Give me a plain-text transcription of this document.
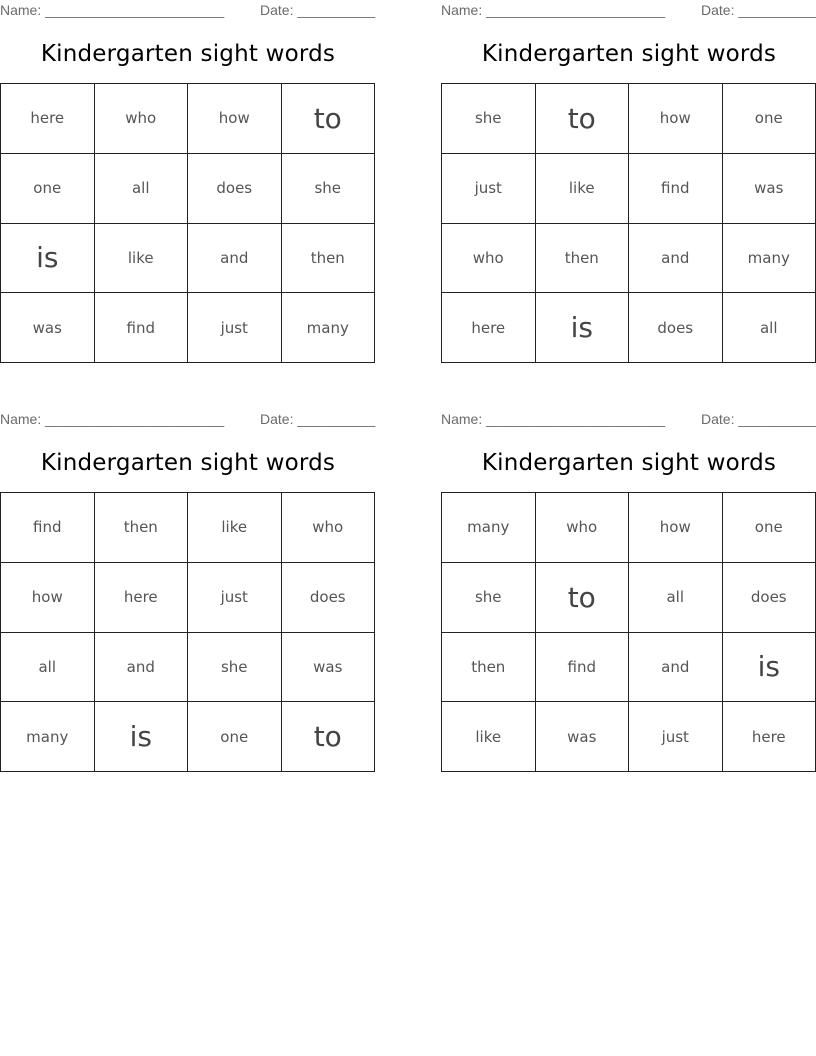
Name: _______________________	Date: __________
Kindergarten sight words
here	who	how	to
one	all	does	she
is	like	and	then
was	find	just	many
Name: _______________________	Date: __________
Kindergarten sight words
she	to	how	one
just	like	find	was
who	then	and	many
here	is	does	all
Name: _______________________	Date: __________
Kindergarten sight words
find	then	like	who
how	here	just	does
all	and	she	was
many	is	one	to
Name: _______________________	Date: __________
Kindergarten sight words
many	who	how	one
she	to	all	does
then	find	and	is
like	was	just	here
